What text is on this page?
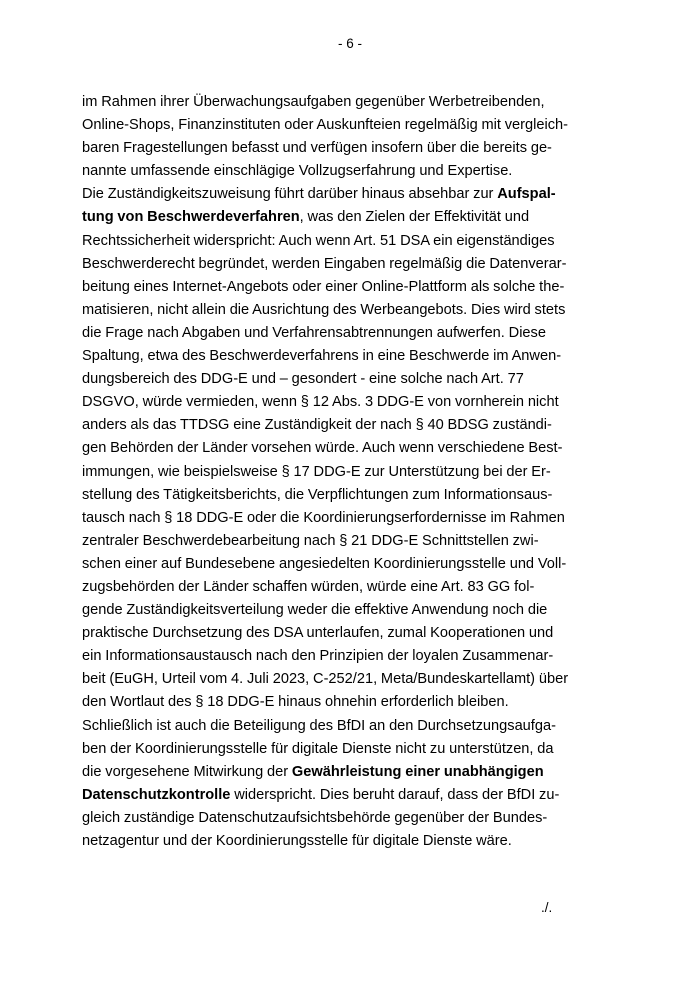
- 6 -
im Rahmen ihrer Überwachungsaufgaben gegenüber Werbetreibenden,
Online-Shops, Finanzinstituten oder Auskunfteien regelmäßig mit vergleich-
baren Fragestellungen befasst und verfügen insofern über die bereits ge-
nannte umfassende einschlägige Vollzugserfahrung und Expertise.
Die Zuständigkeitszuweisung führt darüber hinaus absehbar zur Aufspal-
tung von Beschwerdeverfahren, was den Zielen der Effektivität und
Rechtssicherheit widerspricht: Auch wenn Art. 51 DSA ein eigenständiges
Beschwerderecht begründet, werden Eingaben regelmäßig die Datenverar-
beitung eines Internet-Angebots oder einer Online-Plattform als solche the-
matisieren, nicht allein die Ausrichtung des Werbeangebots. Dies wird stets
die Frage nach Abgaben und Verfahrensabtrennungen aufwerfen. Diese
Spaltung, etwa des Beschwerdeverfahrens in eine Beschwerde im Anwen-
dungsbereich des DDG-E und – gesondert - eine solche nach Art. 77
DSGVO, würde vermieden, wenn § 12 Abs. 3 DDG-E von vornherein nicht
anders als das TTDSG eine Zuständigkeit der nach § 40 BDSG zuständi-
gen Behörden der Länder vorsehen würde. Auch wenn verschiedene Best-
immungen, wie beispielsweise § 17 DDG-E zur Unterstützung bei der Er-
stellung des Tätigkeitsberichts, die Verpflichtungen zum Informationsaus-
tausch nach § 18 DDG-E oder die Koordinierungserfordernisse im Rahmen
zentraler Beschwerdebearbeitung nach § 21 DDG-E Schnittstellen zwi-
schen einer auf Bundesebene angesiedelten Koordinierungsstelle und Voll-
zugsbehörden der Länder schaffen würden, würde eine Art. 83 GG fol-
gende Zuständigkeitsverteilung weder die effektive Anwendung noch die
praktische Durchsetzung des DSA unterlaufen, zumal Kooperationen und
ein Informationsaustausch nach den Prinzipien der loyalen Zusammenar-
beit (EuGH, Urteil vom 4. Juli 2023, C-252/21, Meta/Bundeskartellamt) über
den Wortlaut des § 18 DDG-E hinaus ohnehin erforderlich bleiben.
Schließlich ist auch die Beteiligung des BfDI an den Durchsetzungsaufga-
ben der Koordinierungsstelle für digitale Dienste nicht zu unterstützen, da
die vorgesehene Mitwirkung der Gewährleistung einer unabhängigen
Datenschutzkontrolle widerspricht. Dies beruht darauf, dass der BfDI zu-
gleich zuständige Datenschutzaufsichtsbehörde gegenüber der Bundes-
netzagentur und der Koordinierungsstelle für digitale Dienste wäre.
./.
